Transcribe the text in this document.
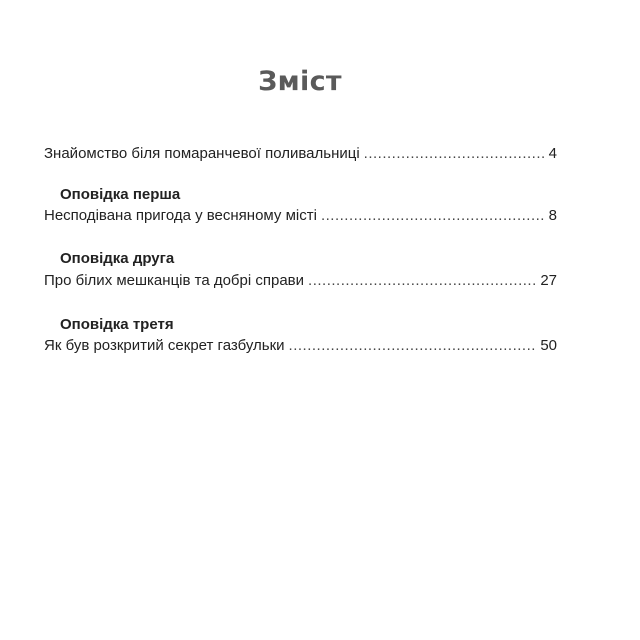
Зміст
Знайомство біля помаранчевої поливальниці .....	4
Оповідка перша
Несподівана пригода у весняному місті .....	8
Оповідка друга
Про білих мешканців та добрі справи .....	27
Оповідка третя
Як був розкритий секрет газбульки .....	50
